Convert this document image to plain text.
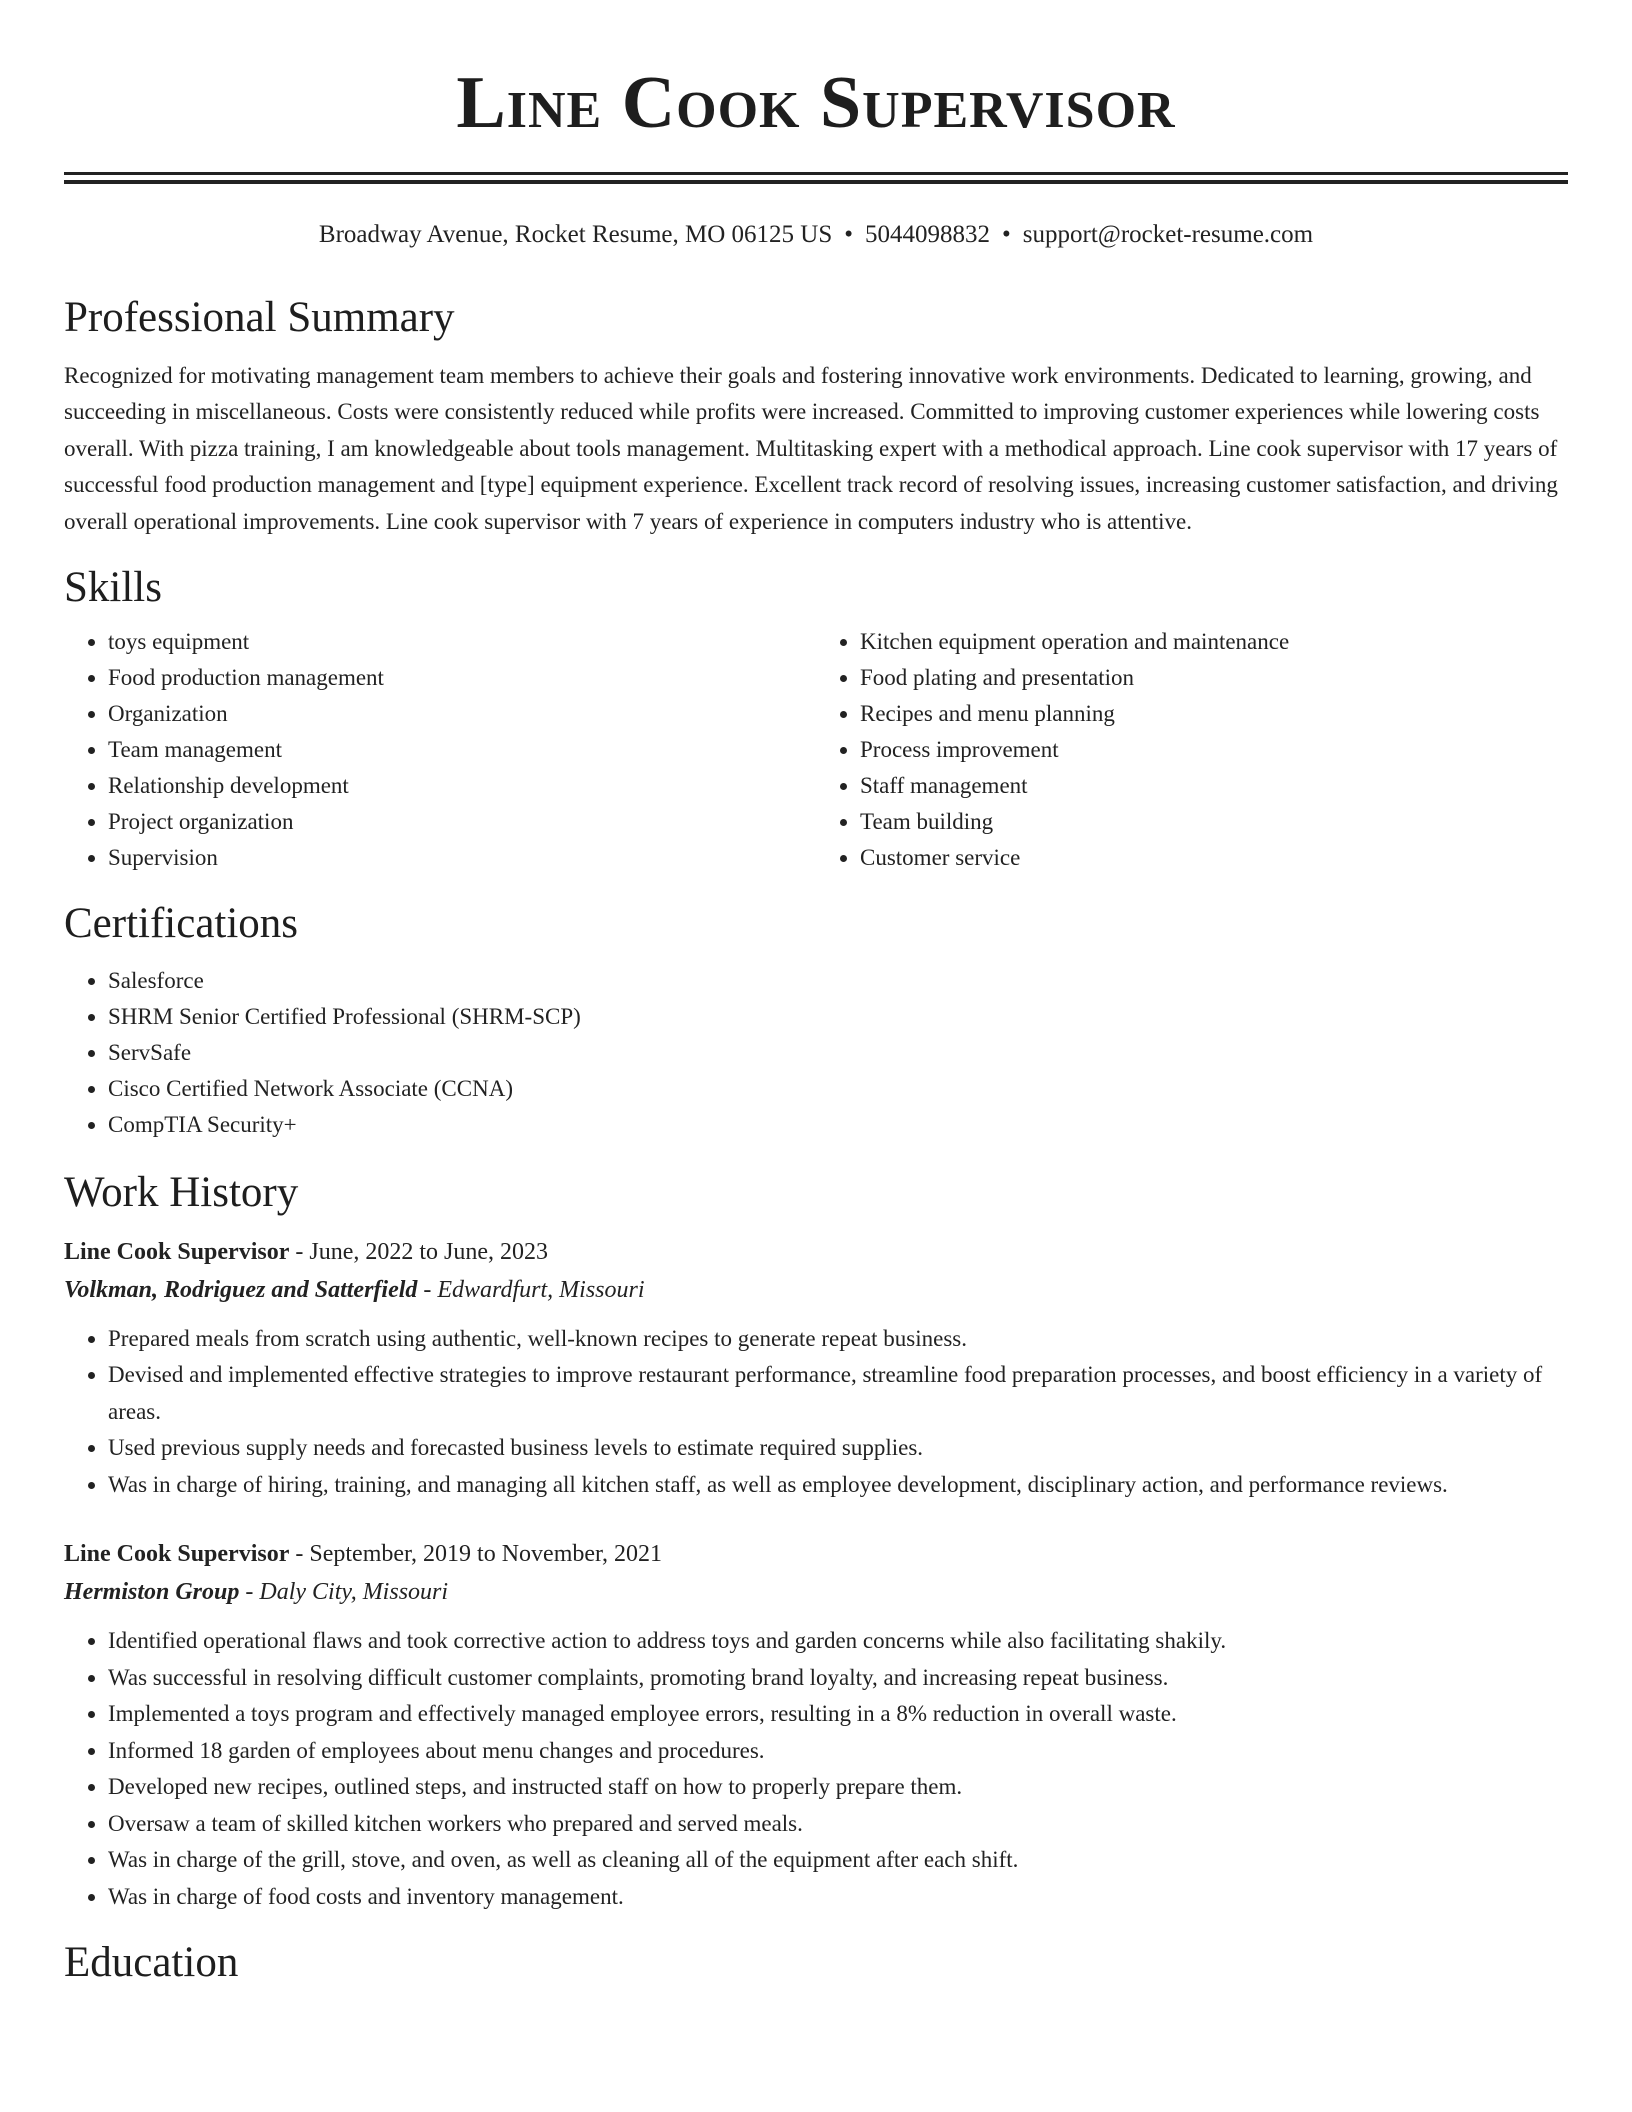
Line Cook Supervisor
Broadway Avenue, Rocket Resume, MO 06125 US • 5044098832 • support@rocket-resume.com
Professional Summary

Recognized for motivating management team members to achieve their goals and fostering innovative work environments. Dedicated to learning, growing, and succeeding in miscellaneous. Costs were consistently reduced while profits were increased. Committed to improving customer experiences while lowering costs overall. With pizza training, I am knowledgeable about tools management. Multitasking expert with a methodical approach. Line cook supervisor with 17 years of successful food production management and [type] equipment experience. Excellent track record of resolving issues, increasing customer satisfaction, and driving overall operational improvements. Line cook supervisor with 7 years of experience in computers industry who is attentive.

Skills
• toys equipment
• Food production management
• Organization
• Team management
• Relationship development
• Project organization
• Supervision
• Kitchen equipment operation and maintenance
• Food plating and presentation
• Recipes and menu planning
• Process improvement
• Staff management
• Team building
• Customer service
Certifications
• Salesforce
• SHRM Senior Certified Professional (SHRM-SCP)
• ServSafe
• Cisco Certified Network Associate (CCNA)
• CompTIA Security+
Work History
Line Cook Supervisor - June, 2022 to June, 2023
Volkman, Rodriguez and Satterfield - Edwardfurt, Missouri
• Prepared meals from scratch using authentic, well-known recipes to generate repeat business.
• Devised and implemented effective strategies to improve restaurant performance, streamline food preparation processes, and boost efficiency in a variety of areas.
• Used previous supply needs and forecasted business levels to estimate required supplies.
• Was in charge of hiring, training, and managing all kitchen staff, as well as employee development, disciplinary action, and performance reviews.
Line Cook Supervisor - September, 2019 to November, 2021
Hermiston Group - Daly City, Missouri
• Identified operational flaws and took corrective action to address toys and garden concerns while also facilitating shakily.
• Was successful in resolving difficult customer complaints, promoting brand loyalty, and increasing repeat business.
• Implemented a toys program and effectively managed employee errors, resulting in a 8% reduction in overall waste.
• Informed 18 garden of employees about menu changes and procedures.
• Developed new recipes, outlined steps, and instructed staff on how to properly prepare them.
• Oversaw a team of skilled kitchen workers who prepared and served meals.
• Was in charge of the grill, stove, and oven, as well as cleaning all of the equipment after each shift.
• Was in charge of food costs and inventory management.
Education
